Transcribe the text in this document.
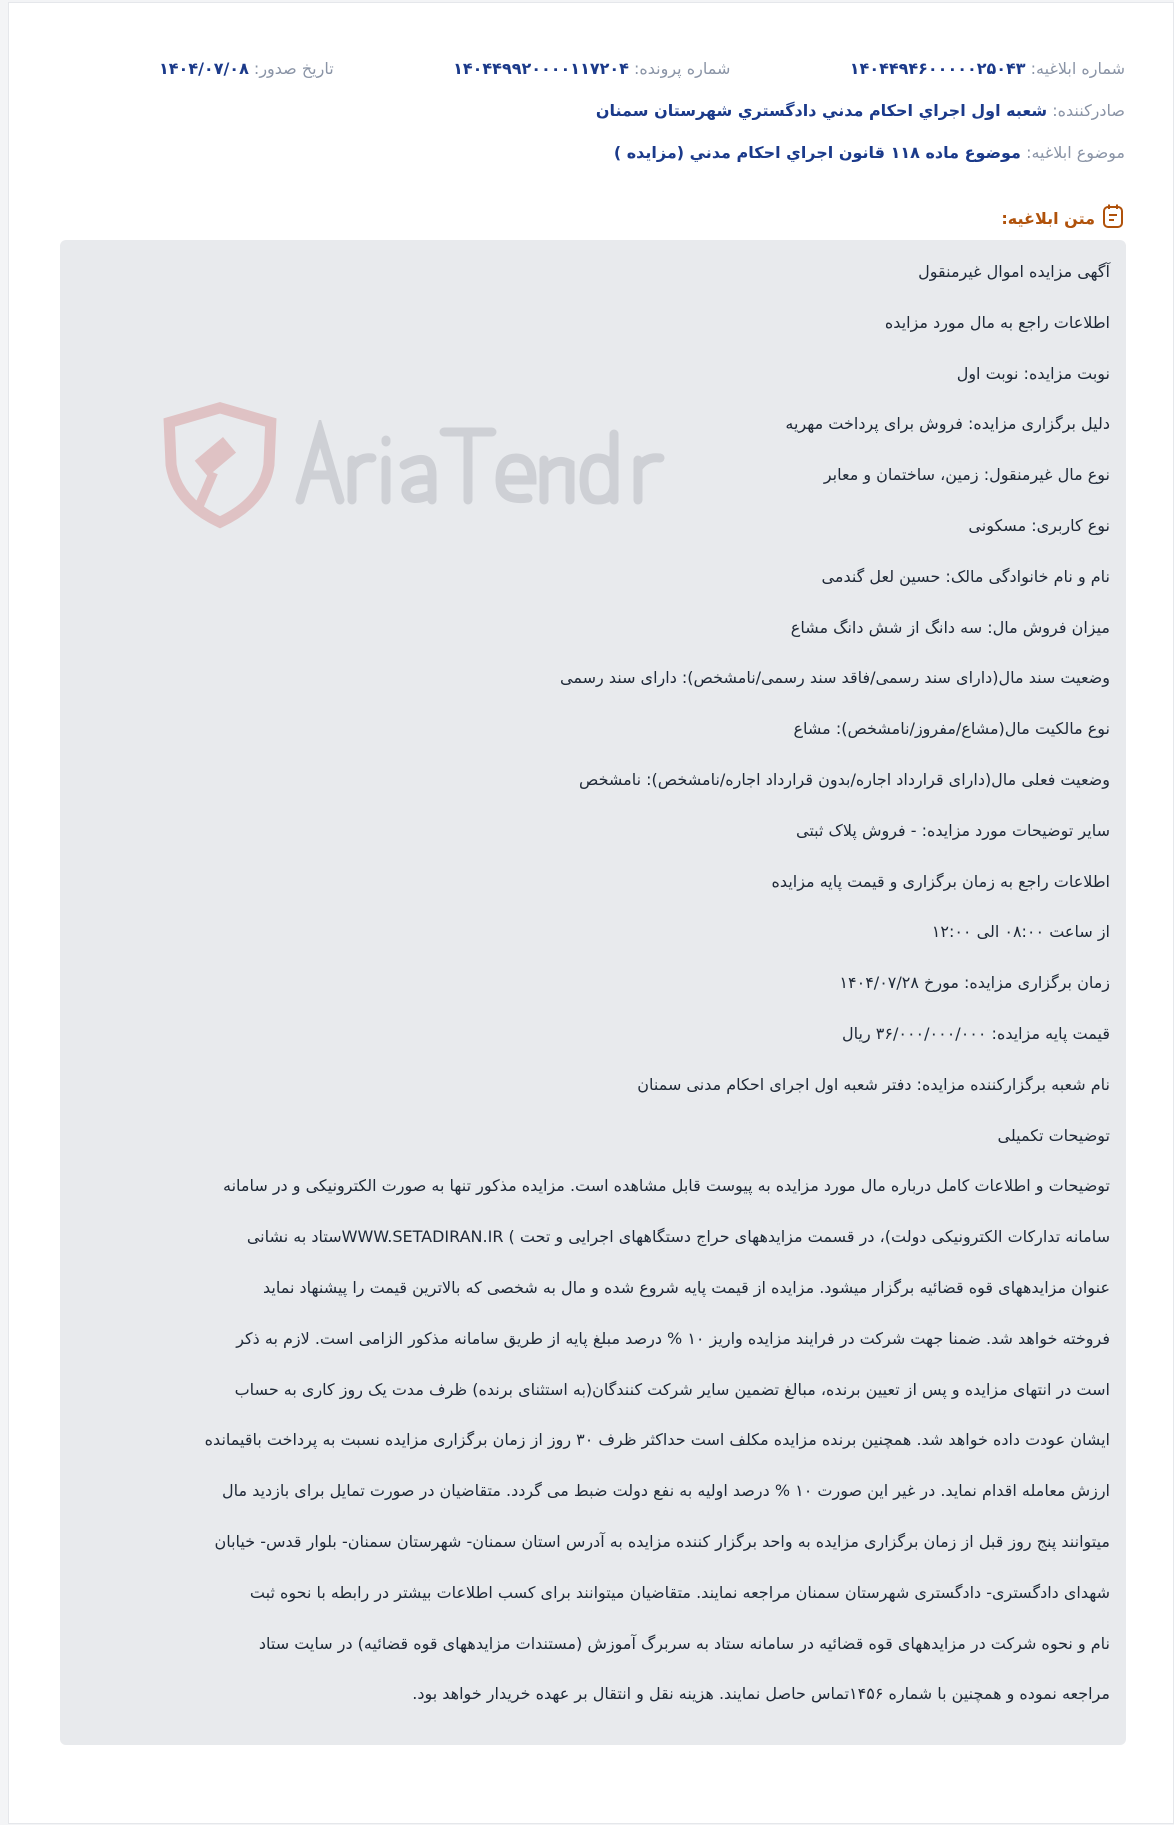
شماره ابلاغیه: ۱۴۰۴۴۹۴۶۰۰۰۰۰۲۵۰۴۳
شماره پرونده: ۱۴۰۴۴۹۹۲۰۰۰۰۱۱۷۲۰۴
تاریخ صدور: ۱۴۰۴/۰۷/۰۸
صادرکننده: شعبه اول اجراي احکام مدني دادگستري شهرستان سمنان
موضوع ابلاغیه: موضوع ماده ۱۱۸ قانون اجراي احکام مدني (مزايده )
متن ابلاغیه:
آگهی مزایده اموال غیرمنقول
اطلاعات راجع به مال مورد مزایده
نوبت مزایده: نوبت اول
دلیل برگزاری مزایده: فروش برای پرداخت مهریه
نوع مال غیرمنقول: زمین، ساختمان و معابر
نوع کاربری: مسکونی
نام و نام خانوادگی مالک: حسین لعل گندمی
میزان فروش مال: سه دانگ از شش دانگ مشاع
وضعیت سند مال(دارای سند رسمی/فاقد سند رسمی/نامشخص): دارای سند رسمی
نوع مالکیت مال(مشاع/مفروز/نامشخص): مشاع
وضعیت فعلی مال(دارای قرارداد اجاره/بدون قرارداد اجاره/نامشخص): نامشخص
سایر توضیحات مورد مزایده: - فروش پلاک ثبتی
اطلاعات راجع به زمان برگزاری و قیمت پایه مزایده
از ساعت ۰۸:۰۰ الی ۱۲:۰۰
زمان برگزاری مزایده: مورخ ۱۴۰۴/۰۷/۲۸
قیمت پایه مزایده: ۳۶/۰۰۰/۰۰۰/۰۰۰ ریال
نام شعبه برگزارکننده مزایده: دفتر شعبه اول اجرای احکام مدنی سمنان
توضیحات تکمیلی
توضیحات و اطلاعات کامل درباره مال مورد مزایده به پیوست قابل مشاهده است. مزایده مذکور تنها به صورت الکترونیکی و در سامانه
سامانه تدارکات الکترونیکی دولت)، در قسمت مزایدههای حراج دستگاههای اجرایی و تحت ) WWW.SETADIRAN.IRستاد به نشانی
عنوان مزایدههای قوه قضائیه برگزار میشود. مزایده از قیمت پایه شروع شده و مال به شخصی که بالاترین قیمت را پیشنهاد نماید
فروخته خواهد شد. ضمنا جهت شرکت در فرایند مزایده واریز ۱۰ % درصد مبلغ پایه از طریق سامانه مذکور الزامی است. لازم به ذکر
است در انتهای مزایده و پس از تعیین برنده، مبالغ تضمین سایر شرکت کنندگان(به استثنای برنده) ظرف مدت یک روز کاری به حساب
ایشان عودت داده خواهد شد. همچنین برنده مزایده مکلف است حداکثر ظرف ۳۰ روز از زمان برگزاری مزایده نسبت به پرداخت باقیمانده
ارزش معامله اقدام نماید. در غیر این صورت ۱۰ % درصد اولیه به نفع دولت ضبط می گردد. متقاضیان در صورت تمایل برای بازدید مال
میتوانند پنج روز قبل از زمان برگزاری مزایده به واحد برگزار کننده مزایده به آدرس استان سمنان- شهرستان سمنان- بلوار قدس- خیابان
شهدای دادگستری- دادگستری شهرستان سمنان مراجعه نمایند. متقاضیان میتوانند برای کسب اطلاعات بیشتر در رابطه با نحوه ثبت
نام و نحوه شرکت در مزایدههای قوه قضائیه در سامانه ستاد به سربرگ آموزش (مستندات مزایدههای قوه قضائیه) در سایت ستاد
مراجعه نموده و همچنین با شماره ۱۴۵۶تماس حاصل نمایند. هزینه نقل و انتقال بر عهده خریدار خواهد بود.
